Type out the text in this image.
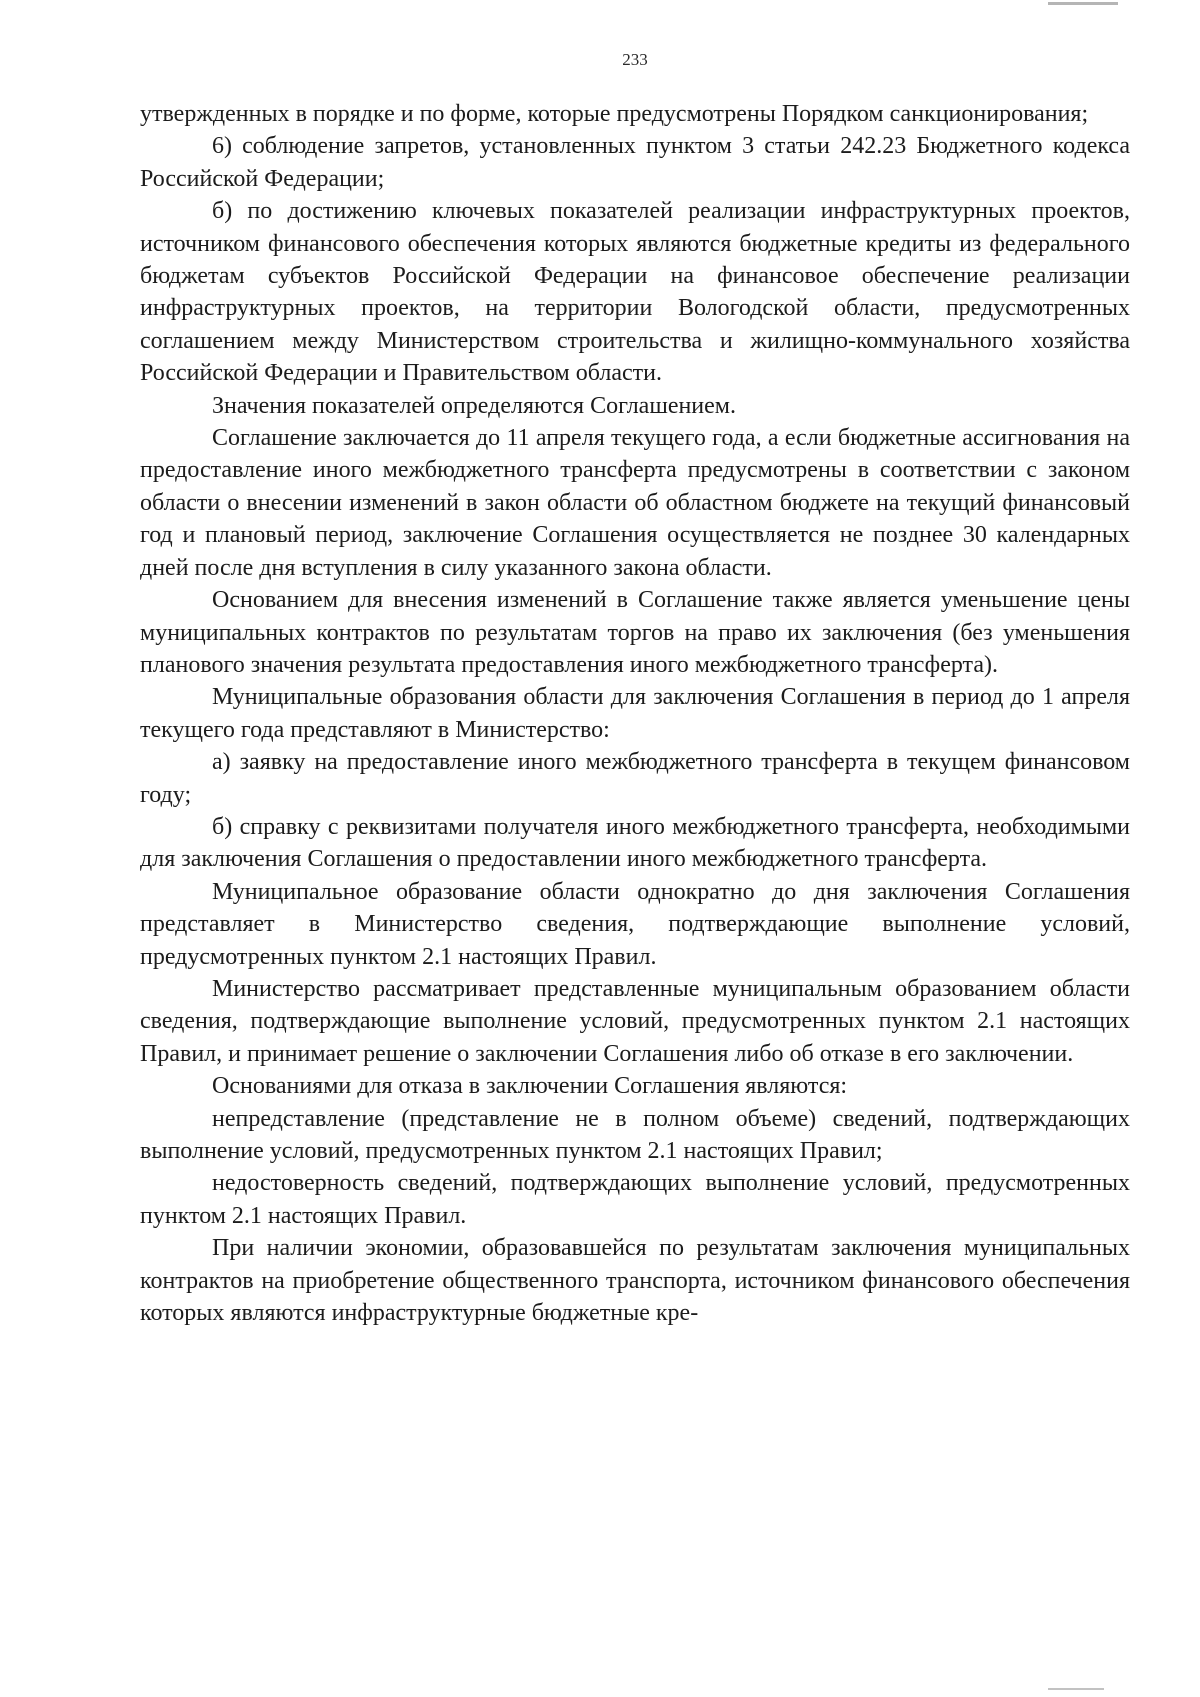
233

утвержденных в порядке и по форме, которые предусмотрены Порядком санкционирования;

6) соблюдение запретов, установленных пунктом 3 статьи 242.23 Бюджетного кодекса Российской Федерации;

б) по достижению ключевых показателей реализации инфраструктурных проектов, источником финансового обеспечения которых являются бюджетные кредиты из федерального бюджетам субъектов Российской Федерации на финансовое обеспечение реализации инфраструктурных проектов, на территории Вологодской области, предусмотренных соглашением между Министерством строительства и жилищно-коммунального хозяйства Российской Федерации и Правительством области.

Значения показателей определяются Соглашением.

Соглашение заключается до 11 апреля текущего года, а если бюджетные ассигнования на предоставление иного межбюджетного трансферта предусмотрены в соответствии с законом области о внесении изменений в закон области об областном бюджете на текущий финансовый год и плановый период, заключение Соглашения осуществляется не позднее 30 календарных дней после дня вступления в силу указанного закона области.

Основанием для внесения изменений в Соглашение также является уменьшение цены муниципальных контрактов по результатам торгов на право их заключения (без уменьшения планового значения результата предоставления иного межбюджетного трансферта).

Муниципальные образования области для заключения Соглашения в период до 1 апреля текущего года представляют в Министерство:

а) заявку на предоставление иного межбюджетного трансферта в текущем финансовом году;

б) справку с реквизитами получателя иного межбюджетного трансферта, необходимыми для заключения Соглашения о предоставлении иного межбюджетного трансферта.

Муниципальное образование области однократно до дня заключения Соглашения представляет в Министерство сведения, подтверждающие выполнение условий, предусмотренных пунктом 2.1 настоящих Правил.

Министерство рассматривает представленные муниципальным образованием области сведения, подтверждающие выполнение условий, предусмотренных пунктом 2.1 настоящих Правил, и принимает решение о заключении Соглашения либо об отказе в его заключении.

Основаниями для отказа в заключении Соглашения являются:

непредставление (представление не в полном объеме) сведений, подтверждающих выполнение условий, предусмотренных пунктом 2.1 настоящих Правил;

недостоверность сведений, подтверждающих выполнение условий, предусмотренных пунктом 2.1 настоящих Правил.

При наличии экономии, образовавшейся по результатам заключения муниципальных контрактов на приобретение общественного транспорта, источником финансового обеспечения которых являются инфраструктурные бюджетные кре-
